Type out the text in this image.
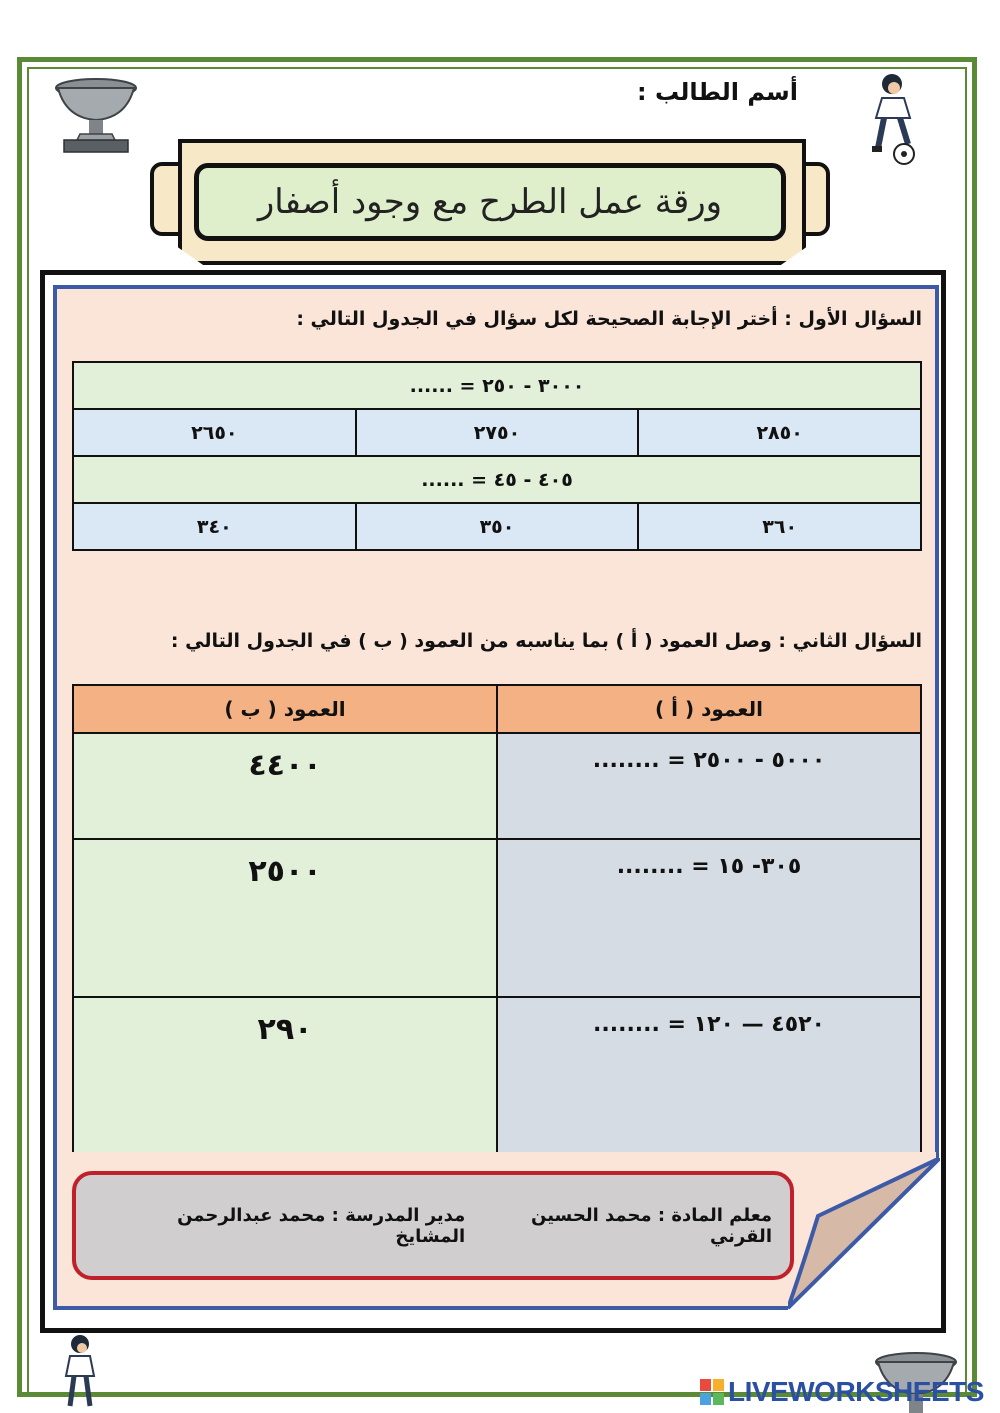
أسم الطالب :
ورقة عمل الطرح مع وجود أصفار
السؤال الأول : أختر الإجابة الصحيحة لكل سؤال في الجدول التالي :
٣٠٠٠ - ٢٥٠ = ......		
٢٦٥٠	٢٧٥٠	٢٨٥٠
٤٠٥ - ٤٥ = ......		
٣٤٠	٣٥٠	٣٦٠
السؤال الثاني : وصل العمود ( أ ) بما يناسبه من العمود ( ب ) في الجدول التالي :
العمود ( أ )	العمود ( ب )
٥٠٠٠ - ٢٥٠٠ = ........	٤٤٠٠
٣٠٥- ١٥ = ........	٢٥٠٠
٤٥٢٠ — ١٢٠ = ........	٢٩٠
معلم المادة : محمد الحسين القرني
مدير المدرسة : محمد عبدالرحمن المشايخ
LIVEWORKSHEETS
